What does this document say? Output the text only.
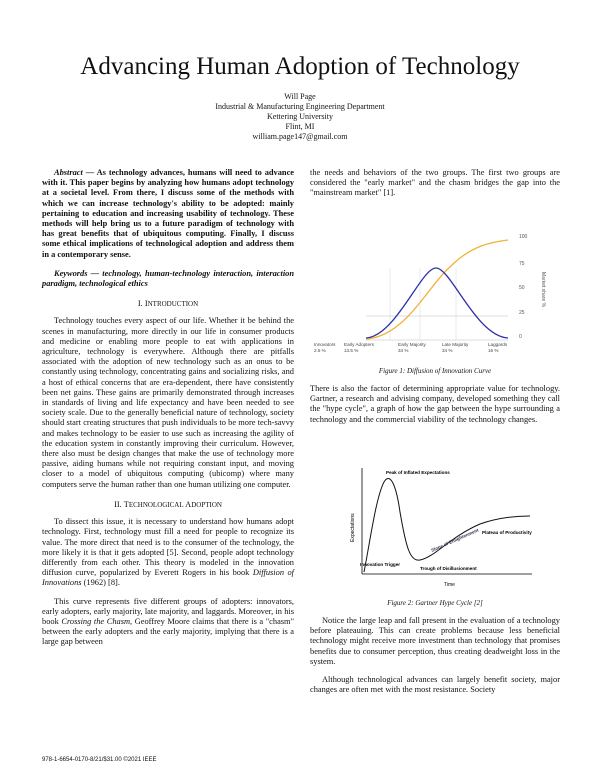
Advancing Human Adoption of Technology
Will Page
Industrial & Manufacturing Engineering Department
Kettering University
Flint, MI
william.page147@gmail.com

Abstract — As technology advances, humans will need to advance with it. This paper begins by analyzing how humans adopt technology at a societal level. From there, I discuss some of the methods with which we can increase technology's ability to be adopted: mainly pertaining to education and increasing usability of technology. These methods will help bring us to a future paradigm of technology with has great benefits that of ubiquitous computing. Finally, I discuss some ethical implications of technological adoption and address them in a contemporary sense.

Keywords — technology, human-technology interaction, interaction paradigm, technological ethics

I. INTRODUCTION

Technology touches every aspect of our life. Whether it be behind the scenes in manufacturing, more directly in our life in consumer products and medicine or enabling more people to eat with applications in agriculture, technology is everywhere. Although there are pitfalls associated with the adoption of new technology such as an onus to be constantly using technology, concentrating gains and socializing risks, and a host of ethical concerns that are era-dependent, there have consistently been net gains. These gains are primarily demonstrated through increases in standards of living and life expectancy and have been needed to see society scale. Due to the generally beneficial nature of technology, society should start creating structures that push individuals to be more tech-savvy and makes technology to be easier to use such as increasing the agility of the education system in constantly improving their curriculum. However, there also must be design changes that make the use of technology more passive, aiding humans while not requiring constant input, and moving closer to a model of ubiquitous computing (ubicomp) where many computers serve the human rather than one human utilizing one computer.

II. TECHNOLOGICAL ADOPTION

To dissect this issue, it is necessary to understand how humans adopt technology. First, technology must fill a need for people to recognize its value. The more direct that need is to the consumer of the technology, the more likely it is that it gets adopted [5]. Second, people adopt technology differently from each other. This theory is modeled in the innovation diffusion curve, popularized by Everett Rogers in his book Diffusion of Innovations (1962) [8].

This curve represents five different groups of adopters: innovators, early adopters, early majority, late majority, and laggards. Moreover, in his book Crossing the Chasm, Geoffrey Moore claims that there is a "chasm" between the early adopters and the early majority, implying that there is a large gap between

the needs and behaviors of the two groups. The first two groups are considered the "early market" and the chasm bridges the gap into the "mainstream market" [1].
100
75
50
25
0
Market share %
Innovators
2.5 %
Early Adopters
13.5 %
Early Majority
34 %
Late Majority
34 %
Laggards
16 %
Figure 1: Diffusion of Innovation Curve
There is also the factor of determining appropriate value for technology. Gartner, a research and advising company, developed something they call the "hype cycle", a graph of how the gap between the hype surrounding a technology and the commercial viability of the technology changes.
Expectations
Time
Peak of Inflated Expectations
Innovation Trigger
Trough of Disillusionment
Slope of Enlightenment Plateau of Productivity
Figure 2: Gartner Hype Cycle [2]

Notice the large leap and fall present in the evaluation of a technology before plateauing. This can create problems because less beneficial technology might receive more investment than technology that promises benefits due to consumer perception, thus creating deadweight loss in the system.

Although technological advances can largely benefit society, major changes are often met with the most resistance. Society

978-1-6654-0170-8/21/$31.00 ©2021 IEEE
